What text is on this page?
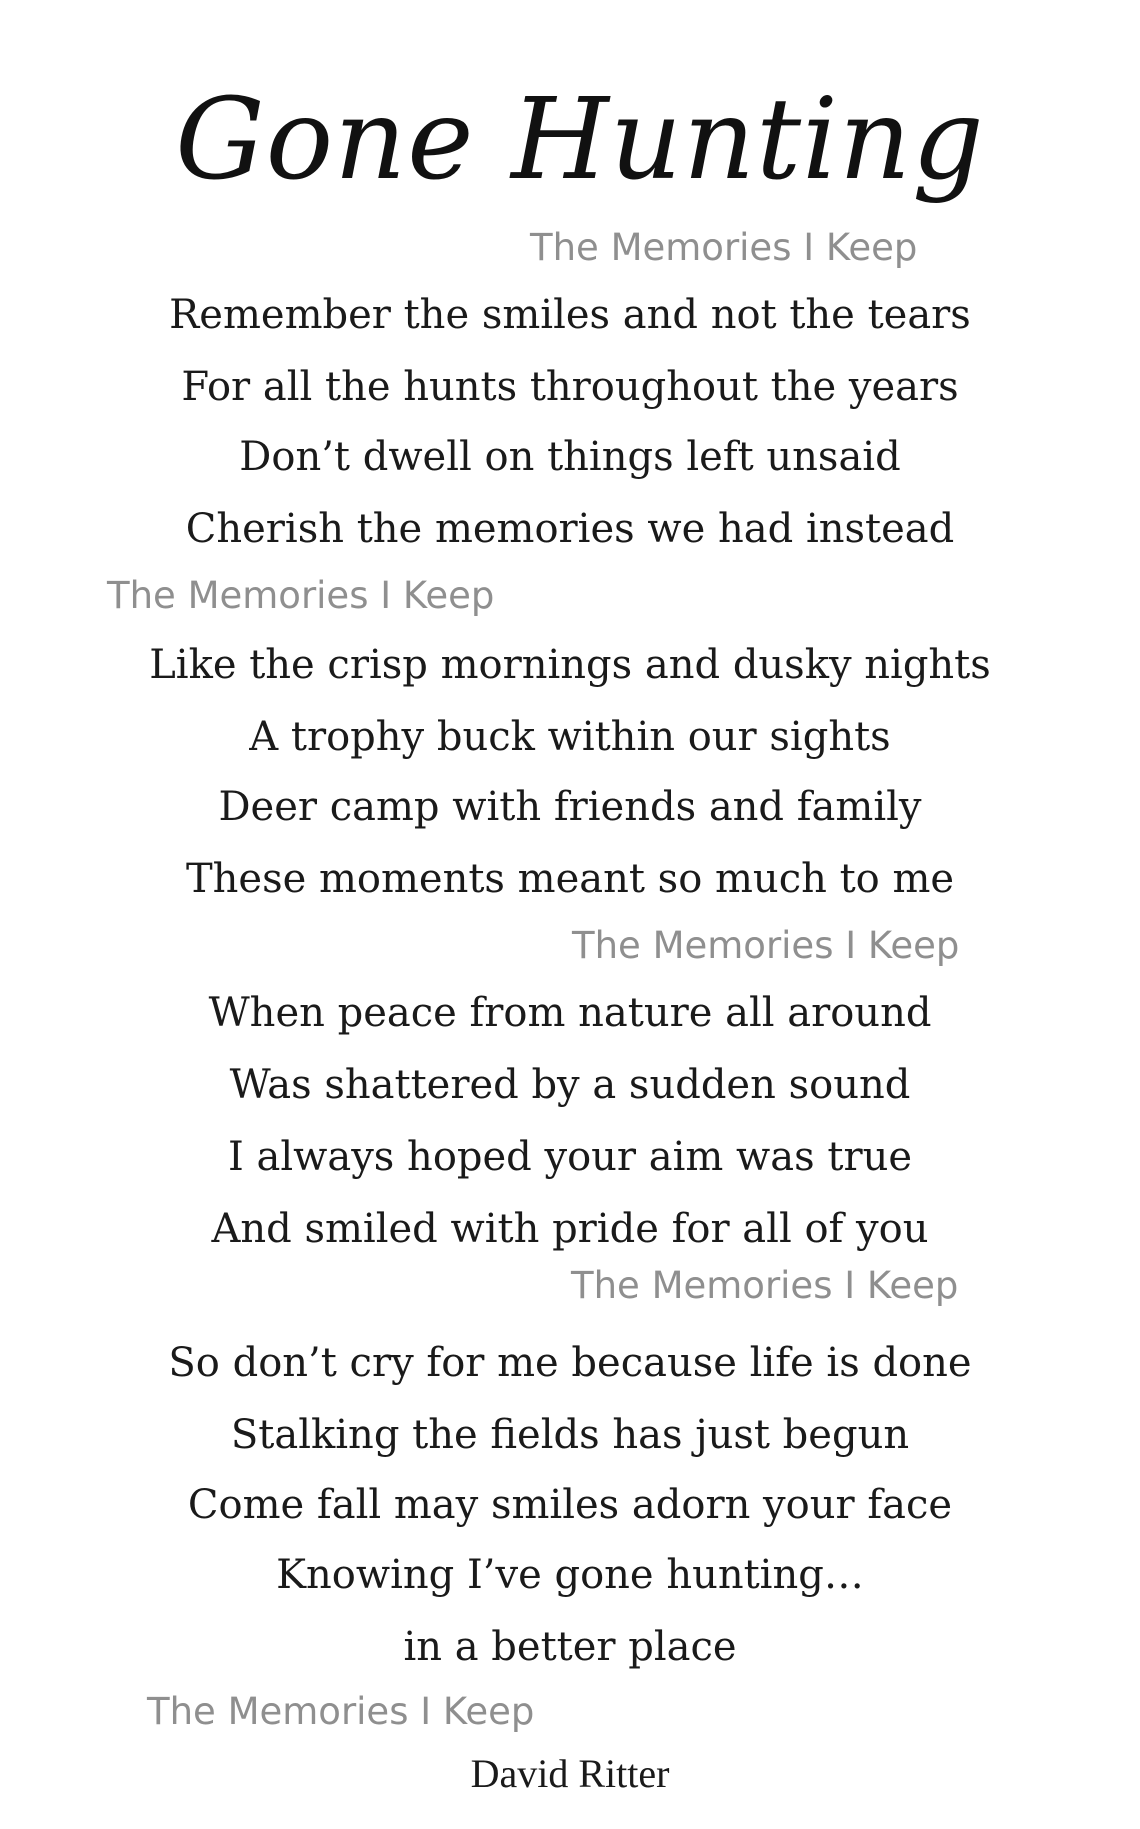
Gone Hunting
The Memories I Keep
Remember the smiles and not the tears
For all the hunts throughout the years
Don’t dwell on things left unsaid
Cherish the memories we had instead
The Memories I Keep
Like the crisp mornings and dusky nights
A trophy buck within our sights
Deer camp with friends and family
These moments meant so much to me
The Memories I Keep
When peace from nature all around
Was shattered by a sudden sound
I always hoped your aim was true
And smiled with pride for all of you
The Memories I Keep
So don’t cry for me because life is done
Stalking the fields has just begun
Come fall may smiles adorn your face
Knowing I’ve gone hunting…
in a better place
The Memories I Keep
David Ritter
